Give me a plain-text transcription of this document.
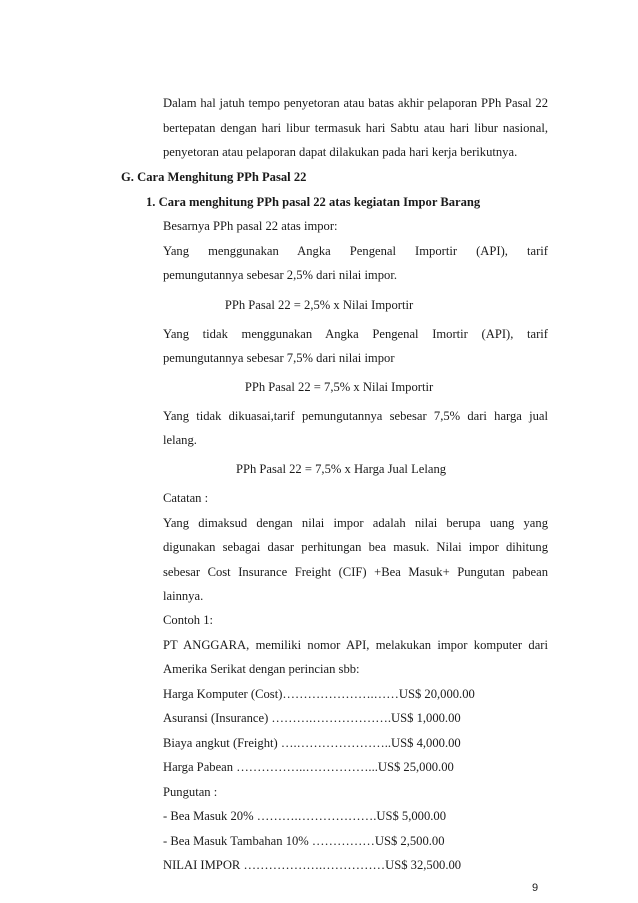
Dalam hal jatuh tempo penyetoran atau batas akhir pelaporan PPh Pasal 22
bertepatan dengan hari libur termasuk hari Sabtu atau hari libur nasional,
penyetoran atau pelaporan dapat dilakukan pada hari kerja berikutnya.
G. Cara Menghitung PPh Pasal 22
1. Cara menghitung PPh pasal 22 atas kegiatan Impor Barang
Besarnya PPh pasal 22 atas impor:
Yang menggunakan Angka Pengenal Importir (API), tarif
pemungutannya sebesar 2,5% dari nilai impor.
PPh Pasal 22 = 2,5% x Nilai Importir
Yang tidak menggunakan Angka Pengenal Imortir (API), tarif
pemungutannya sebesar 7,5% dari nilai impor
PPh Pasal 22 = 7,5% x Nilai Importir
Yang tidak dikuasai,tarif pemungutannya sebesar 7,5% dari harga jual
lelang.
PPh Pasal 22 = 7,5% x Harga Jual Lelang
Catatan :
Yang dimaksud dengan nilai impor adalah nilai berupa uang yang
digunakan sebagai dasar perhitungan bea masuk. Nilai impor dihitung
sebesar Cost Insurance Freight (CIF) +Bea Masuk+ Pungutan pabean
lainnya.
Contoh 1:
PT ANGGARA, memiliki nomor API, melakukan impor komputer dari
Amerika Serikat dengan perincian sbb:
Harga Komputer (Cost)………………….……US$ 20,000.00
Asuransi (Insurance) ……….……………….US$ 1,000.00
Biaya angkut (Freight) ….…………………..US$ 4,000.00
Harga Pabean ……………..……………...US$ 25,000.00
Pungutan :
- Bea Masuk 20% ……….……………….US$ 5,000.00
- Bea Masuk Tambahan 10% ……………US$ 2,500.00
NILAI IMPOR ……………….……………US$ 32,500.00
9
